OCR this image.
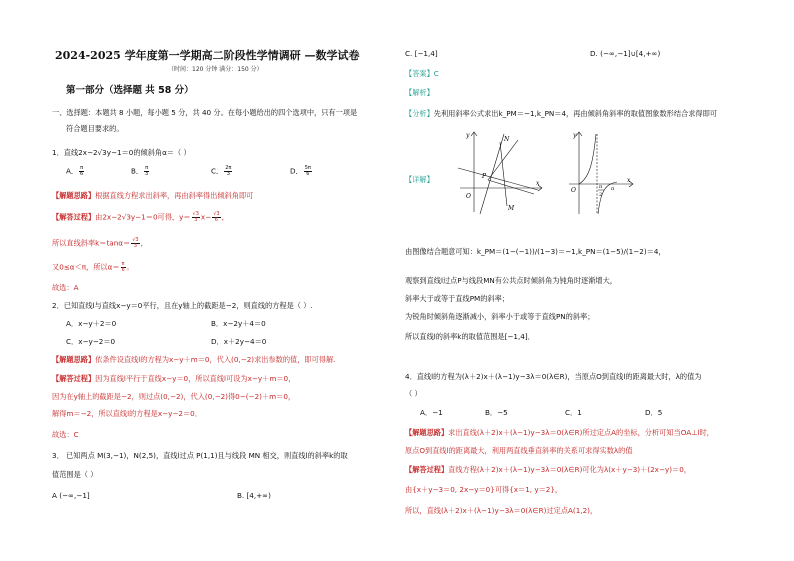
2024-2025 学年度第一学期高二阶段性学情调研 —数学试卷
（时间：120 分钟 满分：150 分）
第一部分（选择题 共 58 分）
一、选择题：本题共 8 小题，每小题 5 分，共 40 分。在每小题给出的四个选项中，只有一项是
符合题目要求的。
1．直线2x−2√3y−1＝0的倾斜角α＝（ ）
A． $\frac{\pi}{6}$	B． $\frac{\pi}{3}$	C． $\frac{2\pi}{3}$	D． $\frac{5\pi}{6}$
【解题思路】根据直线方程求出斜率，再由斜率得出倾斜角即可
【解答过程】由2x−2√3y−1＝0可得，$y= \frac{√3}{3} x- \frac{√3}{6}$ ，
所以直线斜率$k=\tan\alpha= \frac{√3}{3}$ ，
又0≤α＜π，所以$\alpha= \frac{\pi}{6}$ 。
故选：A
2．已知直线l与直线x−y＝0平行，且在y轴上的截距是−2，则直线的方程是（ ）.
A．x−y＋2＝0	B．x−2y＋4＝0
C．x−y−2＝0	D．x＋2y−4＝0
【解题思路】依条件设直线l的方程为x−y＋m＝0，代入(0,−2)求出参数的值，即可得解.
【解答过程】因为直线l平行于直线x−y＝0，所以直线l可设为x−y＋m＝0，
因为在y轴上的截距是−2，则过点(0,−2)，代入(0,−2)得0−(−2)＋m＝0，
解得m＝−2，所以直线l的方程是x−y−2＝0．
故选：C
3． 已知两点 M(3,−1)，N(2,5)，直线l过点 P(1,1)且与线段 MN 相交，则直线l的斜率k的取
值范围是（ ）
A (−∞,−1]	B. [4,+∞)
C. [−1,4]	D. (−∞,−1]∪[4,+∞)
【答案】C
【解析】
【分析】先利用斜率公式求出k_PM＝−1,k_PN＝4，再由倾斜角斜率的取值图象数形结合求得即可
【详解】
y
x
O
N
P
M
y
x
O	π
2
π
由图像结合题意可知：k_PM＝(1−(−1))/(1−3)＝−1,k_PN＝(1−5)/(1−2)＝4，
观察到直线l过点P与线段MN有公共点时倾斜角为钝角时逐渐增大，
斜率大于或等于直线PM的斜率；
为锐角时倾斜角逐渐减小，斜率小于或等于直线PN的斜率；
所以直线l的斜率k的取值范围是[−1,4]．
4．直线l的方程为(λ＋2)x＋(λ−1)y−3λ＝0(λ∈R)，当原点O到直线l的距离最大时，λ的值为
（ ）
A．−1	B．−5	C．1	D．5
【解题思路】求出直线(λ＋2)x＋(λ−1)y−3λ＝0(λ∈R)所过定点A的坐标，分析可知当OA⊥l时，
原点O到直线l的距离最大，利用两直线垂直斜率的关系可求得实数λ的值
【解答过程】直线方程(λ＋2)x＋(λ−1)y−3λ＝0(λ∈R)可化为λ(x＋y−3)＋(2x−y)＝0，
由{x＋y−3＝0, 2x−y＝0}可得{x＝1, y＝2}，
所以，直线(λ＋2)x＋(λ−1)y−3λ＝0(λ∈R)过定点A(1,2)，
